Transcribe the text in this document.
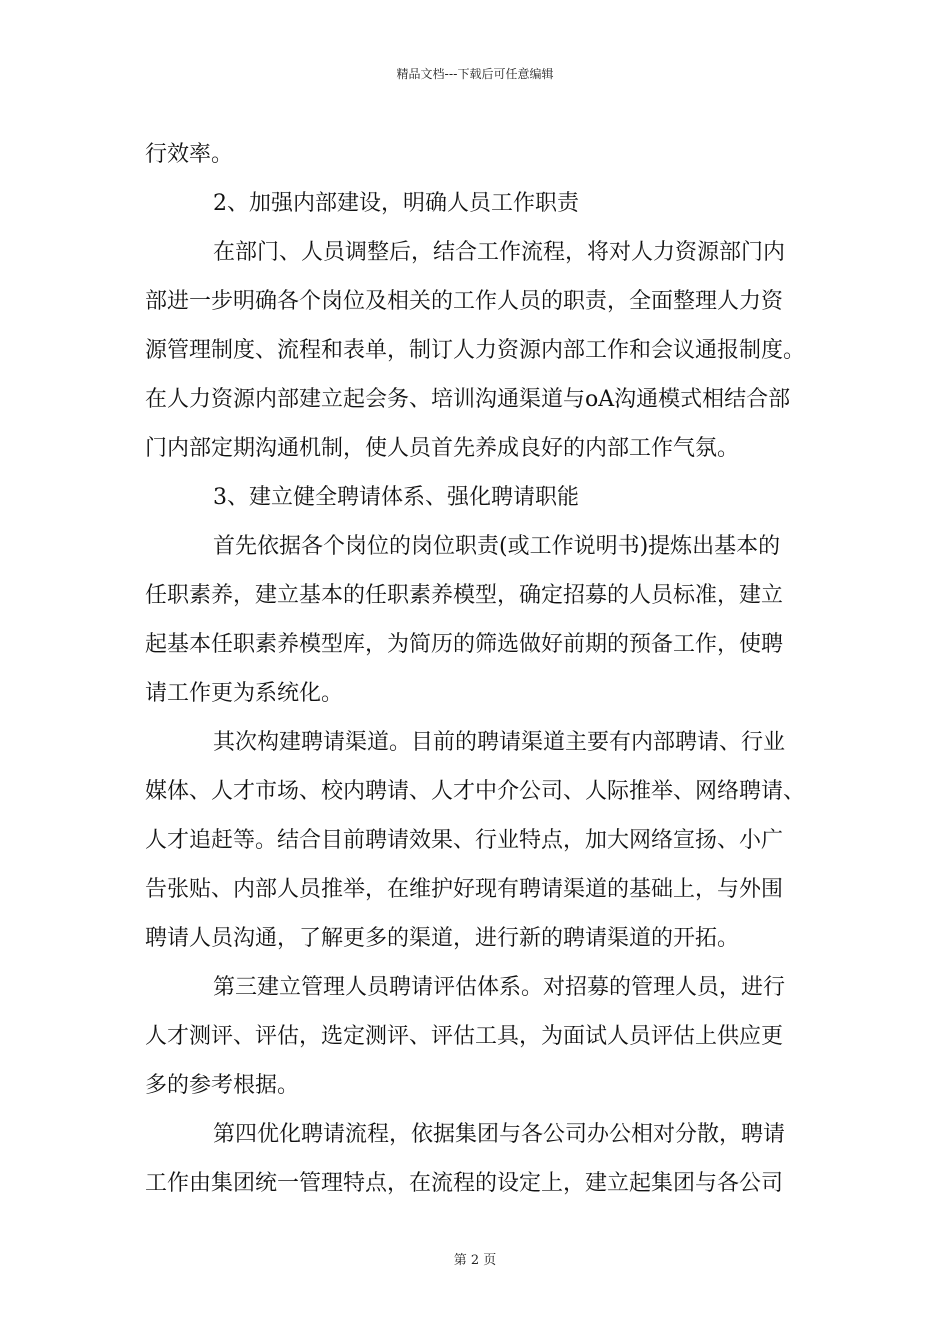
精品文档---下载后可任意编辑
行效率。
2、加强内部建设，明确人员工作职责
在部门、人员调整后，结合工作流程，将对人力资源部门内
部进一步明确各个岗位及相关的工作人员的职责，全面整理人力资
源管理制度、流程和表单，制订人力资源内部工作和会议通报制度。
在人力资源内部建立起会务、培训沟通渠道与oA沟通模式相结合部
门内部定期沟通机制，使人员首先养成良好的内部工作气氛。
3、建立健全聘请体系、强化聘请职能
首先依据各个岗位的岗位职责(或工作说明书)提炼出基本的
任职素养，建立基本的任职素养模型，确定招募的人员标准，建立
起基本任职素养模型库，为简历的筛选做好前期的预备工作，使聘
请工作更为系统化。
其次构建聘请渠道。目前的聘请渠道主要有内部聘请、行业
媒体、人才市场、校内聘请、人才中介公司、人际推举、网络聘请、
人才追赶等。结合目前聘请效果、行业特点，加大网络宣扬、小广
告张贴、内部人员推举，在维护好现有聘请渠道的基础上，与外围
聘请人员沟通，了解更多的渠道，进行新的聘请渠道的开拓。
第三建立管理人员聘请评估体系。对招募的管理人员，进行
人才测评、评估，选定测评、评估工具，为面试人员评估上供应更
多的参考根据。
第四优化聘请流程，依据集团与各公司办公相对分散，聘请
工作由集团统一管理特点，在流程的设定上，建立起集团与各公司
第 2 页
